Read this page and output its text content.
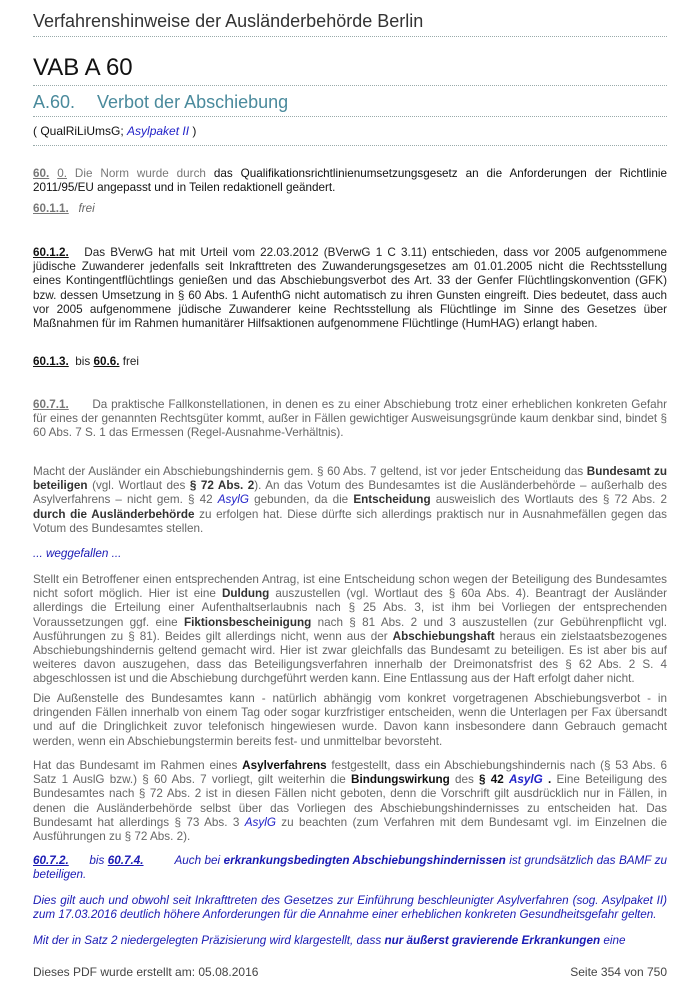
Verfahrenshinweise der Ausländerbehörde Berlin
VAB A 60
A.60. Verbot der Abschiebung
( QualRiLiUmsG; Asylpaket II )
60. 0. Die Norm wurde durch das Qualifikationsrichtlinienumsetzungsgesetz an die Anforderungen der Richtlinie 2011/95/EU angepasst und in Teilen redaktionell geändert.
60.1.1. frei
60.1.2. Das BVerwG hat mit Urteil vom 22.03.2012 (BVerwG 1 C 3.11) entschieden, dass vor 2005 aufgenommene jüdische Zuwanderer jedenfalls seit Inkrafttreten des Zuwanderungsgesetzes am 01.01.2005 nicht die Rechtsstellung eines Kontingentflüchtlings genießen und das Abschiebungsverbot des Art. 33 der Genfer Flüchtlingskonvention (GFK) bzw. dessen Umsetzung in § 60 Abs. 1 AufenthG nicht automatisch zu ihren Gunsten eingreift. Dies bedeutet, dass auch vor 2005 aufgenommene jüdische Zuwanderer keine Rechtsstellung als Flüchtlinge im Sinne des Gesetzes über Maßnahmen für im Rahmen humanitärer Hilfsaktionen aufgenommene Flüchtlinge (HumHAG) erlangt haben.
60.1.3. bis 60.6. frei
60.7.1. Da praktische Fallkonstellationen, in denen es zu einer Abschiebung trotz einer erheblichen konkreten Gefahr für eines der genannten Rechtsgüter kommt, außer in Fällen gewichtiger Ausweisungsgründe kaum denkbar sind, bindet § 60 Abs. 7 S. 1 das Ermessen (Regel-Ausnahme-Verhältnis).
Macht der Ausländer ein Abschiebungshindernis gem. § 60 Abs. 7 geltend, ist vor jeder Entscheidung das Bundesamt zu beteiligen (vgl. Wortlaut des § 72 Abs. 2). An das Votum des Bundesamtes ist die Ausländerbehörde – außerhalb des Asylverfahrens – nicht gem. § 42 AsylG gebunden, da die Entscheidung ausweislich des Wortlauts des § 72 Abs. 2 durch die Ausländerbehörde zu erfolgen hat. Diese dürfte sich allerdings praktisch nur in Ausnahmefällen gegen das Votum des Bundesamtes stellen.
... weggefallen ...
Stellt ein Betroffener einen entsprechenden Antrag, ist eine Entscheidung schon wegen der Beteiligung des Bundesamtes nicht sofort möglich. Hier ist eine Duldung auszustellen (vgl. Wortlaut des § 60a Abs. 4). Beantragt der Ausländer allerdings die Erteilung einer Aufenthaltserlaubnis nach § 25 Abs. 3, ist ihm bei Vorliegen der entsprechenden Voraussetzungen ggf. eine Fiktionsbescheinigung nach § 81 Abs. 2 und 3 auszustellen (zur Gebührenpflicht vgl. Ausführungen zu § 81). Beides gilt allerdings nicht, wenn aus der Abschiebungshaft heraus ein zielstaatsbezogenes Abschiebungshindernis geltend gemacht wird. Hier ist zwar gleichfalls das Bundesamt zu beteiligen. Es ist aber bis auf weiteres davon auszugehen, dass das Beteiligungsverfahren innerhalb der Dreimonatsfrist des § 62 Abs. 2 S. 4 abgeschlossen ist und die Abschiebung durchgeführt werden kann. Eine Entlassung aus der Haft erfolgt daher nicht.
Die Außenstelle des Bundesamtes kann - natürlich abhängig vom konkret vorgetragenen Abschiebungsverbot - in dringenden Fällen innerhalb von einem Tag oder sogar kurzfristiger entscheiden, wenn die Unterlagen per Fax übersandt und auf die Dringlichkeit zuvor telefonisch hingewiesen wurde. Davon kann insbesondere dann Gebrauch gemacht werden, wenn ein Abschiebungstermin bereits fest- und unmittelbar bevorsteht.
Hat das Bundesamt im Rahmen eines Asylverfahrens festgestellt, dass ein Abschiebungshindernis nach (§ 53 Abs. 6 Satz 1 AuslG bzw.) § 60 Abs. 7 vorliegt, gilt weiterhin die Bindungswirkung des § 42 AsylG . Eine Beteiligung des Bundesamtes nach § 72 Abs. 2 ist in diesen Fällen nicht geboten, denn die Vorschrift gilt ausdrücklich nur in Fällen, in denen die Ausländerbehörde selbst über das Vorliegen des Abschiebungshindernisses zu entscheiden hat. Das Bundesamt hat allerdings § 73 Abs. 3 AsylG zu beachten (zum Verfahren mit dem Bundesamt vgl. im Einzelnen die Ausführungen zu § 72 Abs. 2).
60.7.2. bis 60.7.4.	Auch bei erkrankungsbedingten Abschiebungshindernissen ist grundsätzlich das BAMF zu beteiligen.
Dies gilt auch und obwohl seit Inkrafttreten des Gesetzes zur Einführung beschleunigter Asylverfahren (sog. Asylpaket II) zum 17.03.2016 deutlich höhere Anforderungen für die Annahme einer erheblichen konkreten Gesundheitsgefahr gelten.
Mit der in Satz 2 niedergelegten Präzisierung wird klargestellt, dass nur äußerst gravierende Erkrankungen eine
Dieses PDF wurde erstellt am: 05.08.2016	Seite 354 von 750
